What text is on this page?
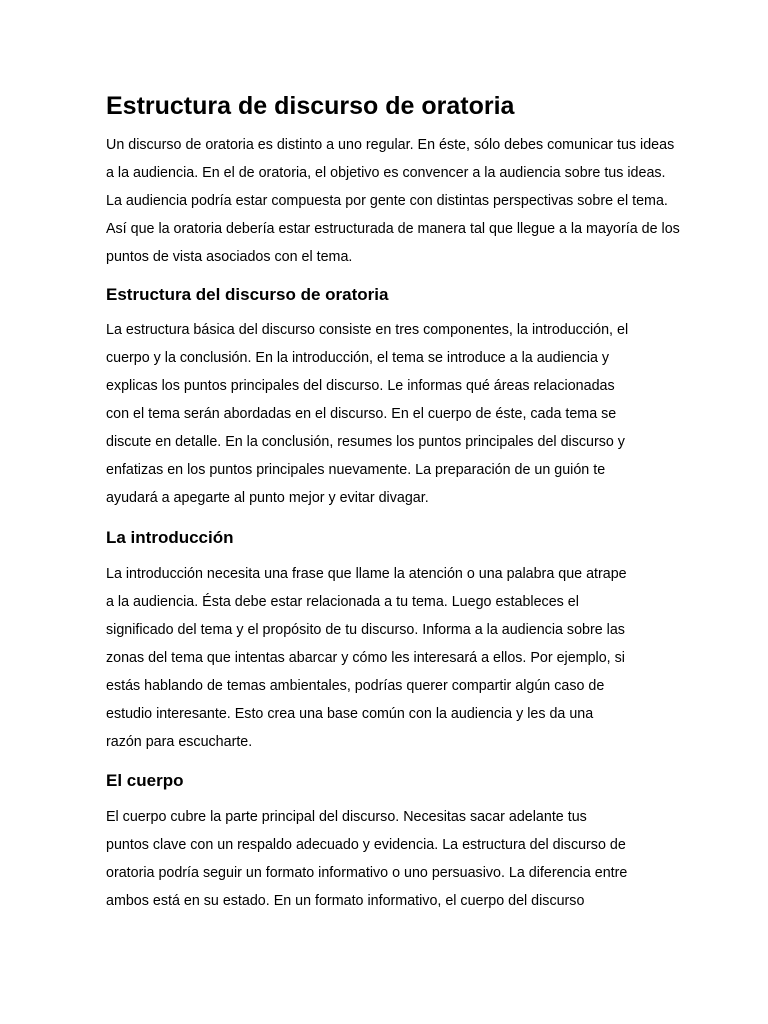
Estructura de discurso de oratoria
Un discurso de oratoria es distinto a uno regular. En éste, sólo debes comunicar tus ideas
a la audiencia. En el de oratoria, el objetivo es convencer a la audiencia sobre tus ideas.
La audiencia podría estar compuesta por gente con distintas perspectivas sobre el tema.
Así que la oratoria debería estar estructurada de manera tal que llegue a la mayoría de los
puntos de vista asociados con el tema.
Estructura del discurso de oratoria
La estructura básica del discurso consiste en tres componentes, la introducción, el
cuerpo y la conclusión. En la introducción, el tema se introduce a la audiencia y
explicas los puntos principales del discurso. Le informas qué áreas relacionadas
con el tema serán abordadas en el discurso. En el cuerpo de éste, cada tema se
discute en detalle. En la conclusión, resumes los puntos principales del discurso y
enfatizas en los puntos principales nuevamente. La preparación de un guión te
ayudará a apegarte al punto mejor y evitar divagar.
La introducción
La introducción necesita una frase que llame la atención o una palabra que atrape
a la audiencia. Ésta debe estar relacionada a tu tema. Luego estableces el
significado del tema y el propósito de tu discurso. Informa a la audiencia sobre las
zonas del tema que intentas abarcar y cómo les interesará a ellos. Por ejemplo, si
estás hablando de temas ambientales, podrías querer compartir algún caso de
estudio interesante. Esto crea una base común con la audiencia y les da una
razón para escucharte.
El cuerpo
El cuerpo cubre la parte principal del discurso. Necesitas sacar adelante tus
puntos clave con un respaldo adecuado y evidencia. La estructura del discurso de
oratoria podría seguir un formato informativo o uno persuasivo. La diferencia entre
ambos está en su estado. En un formato informativo, el cuerpo del discurso
